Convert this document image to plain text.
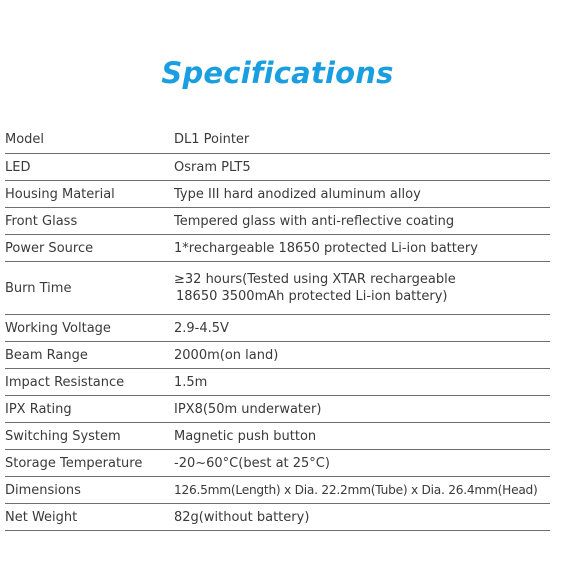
Specifications
Model	DL1 Pointer
LED	Osram PLT5
Housing Material	Type III hard anodized aluminum alloy
Front Glass	Tempered glass with anti-reflective coating
Power Source	1*rechargeable 18650 protected Li-ion battery
Burn Time	≥32 hours(Tested using XTAR rechargeable
18650 3500mAh protected Li-ion battery)

Working Voltage	2.9-4.5V
Beam Range	2000m(on land)
Impact Resistance	1.5m
IPX Rating	IPX8(50m underwater)
Switching System	Magnetic push button
Storage Temperature	-20~60°C(best at 25°C)
Dimensions	126.5mm(Length) x Dia. 22.2mm(Tube) x Dia. 26.4mm(Head)
Net Weight	82g(without battery)
